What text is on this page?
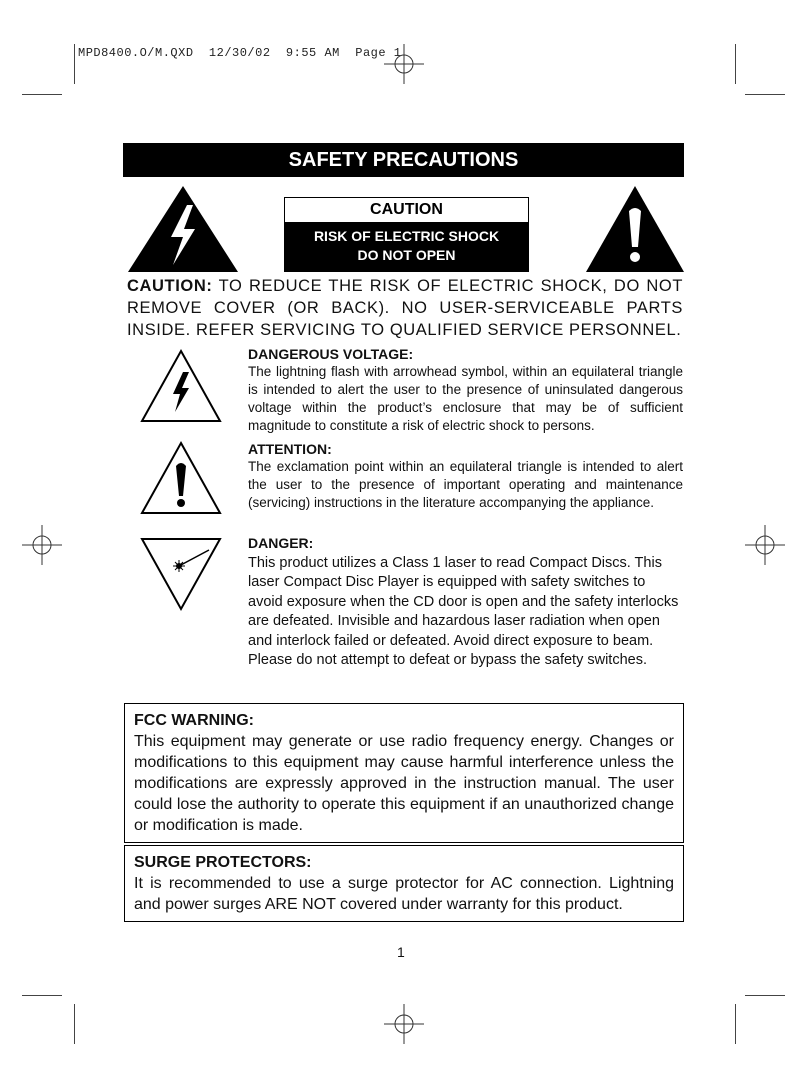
MPD8400.O/M.QXD  12/30/02  9:55 AM  Page 1
SAFETY PRECAUTIONS
CAUTION
RISK OF ELECTRIC SHOCK
DO NOT OPEN
CAUTION: TO REDUCE THE RISK OF ELECTRIC SHOCK, DO NOT REMOVE COVER (OR BACK). NO USER-SERVICEABLE PARTS INSIDE. REFER SERVICING TO QUALIFIED SERVICE PERSONNEL.
DANGEROUS VOLTAGE:
The lightning flash with arrowhead symbol, within an equilateral triangle is intended to alert the user to the presence of uninsulated dangerous voltage within the product’s enclosure that may be of sufficient magnitude to constitute a risk of electric shock to persons.
ATTENTION:
The exclamation point within an equilateral triangle is intended to alert the user to the presence of important operating and maintenance (servicing) instructions in the literature accompanying the appliance.
DANGER:
This product utilizes a Class 1 laser to read Compact Discs. This laser Compact Disc Player is equipped with safety switches to avoid exposure when the CD door is open and the safety interlocks are defeated. Invisible and hazardous laser radiation when open and interlock failed or defeated. Avoid direct exposure to beam. Please do not attempt to defeat or bypass the safety switches.
FCC WARNING:
This equipment may generate or use radio frequency energy. Changes or modifications to this equipment may cause harmful interference unless the modifications are expressly approved in the instruction manual. The user could lose the authority to operate this equipment if an unauthorized change or modification is made.
SURGE PROTECTORS:
It is recommended to use a surge protector for AC connection. Lightning and power surges ARE NOT covered under warranty for this product.
1
